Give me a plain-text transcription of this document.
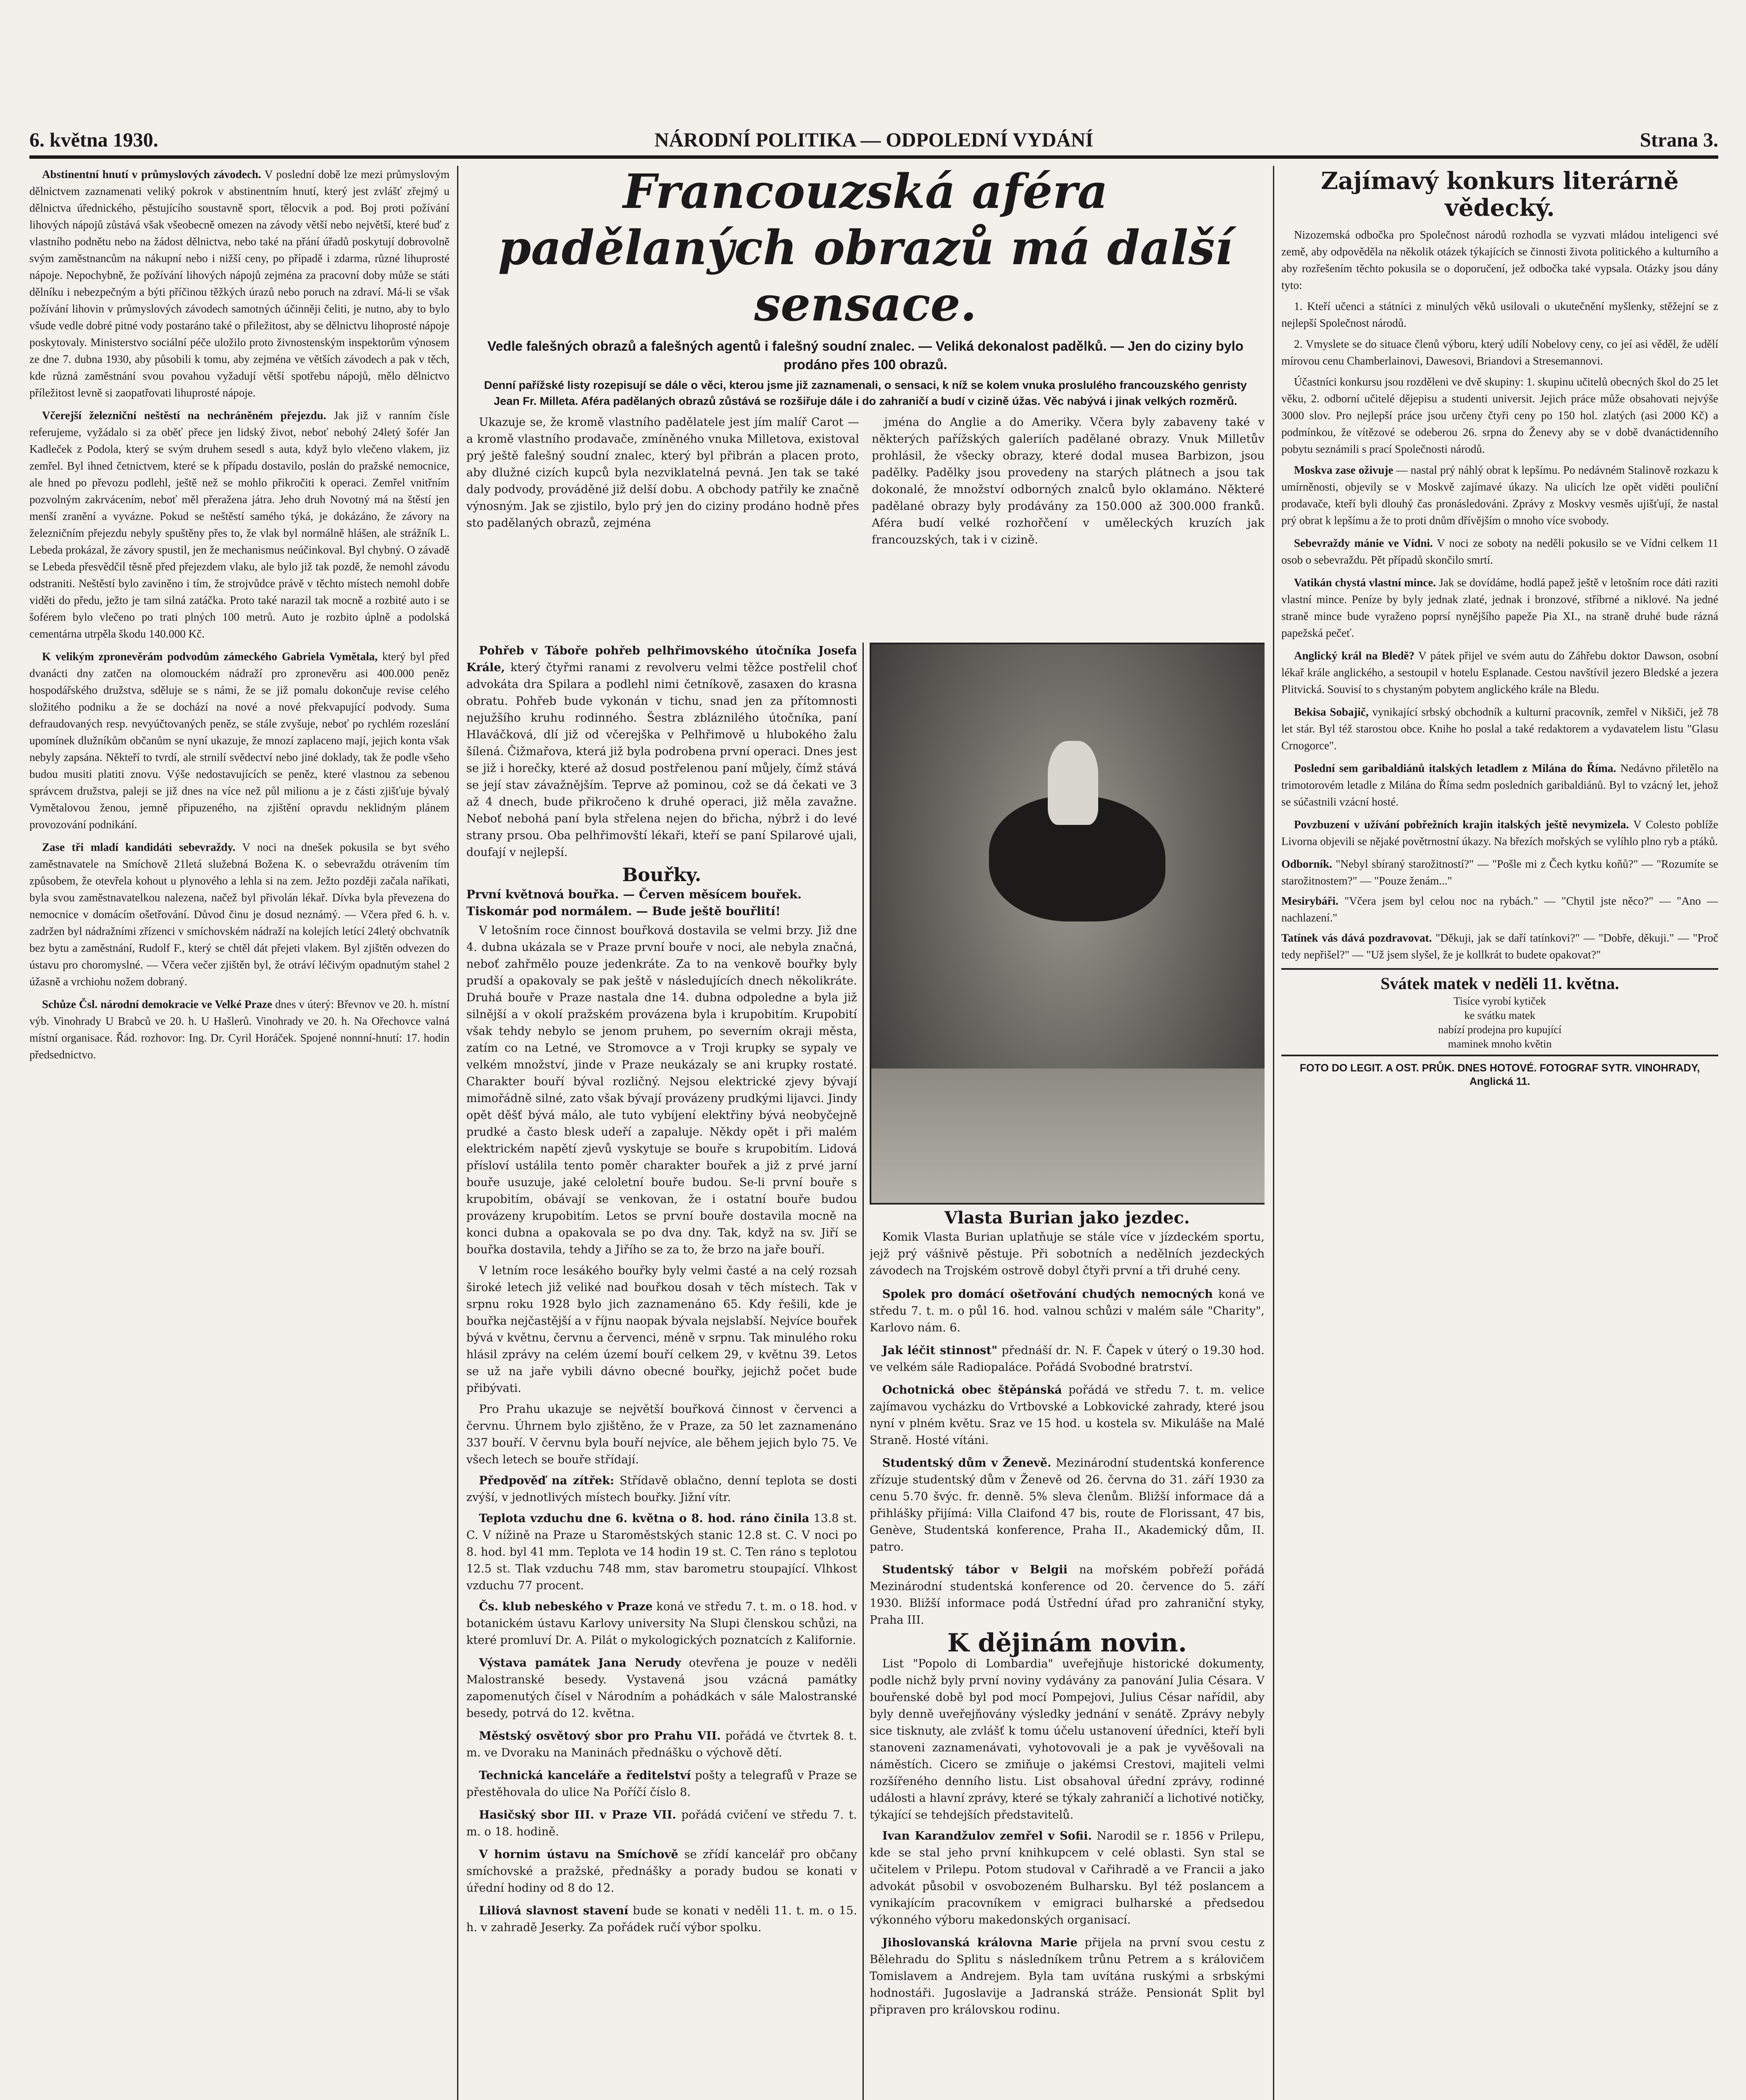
6. května 1930.	NÁRODNÍ POLITIKA — ODPOLEDNÍ VYDÁNÍ	Strana 3.

Abstinentní hnutí v průmyslových závodech. V poslední době lze mezi průmyslovým dělnictvem zaznamenati veliký pokrok v abstinentním hnutí, který jest zvlášť zřejmý u dělnictva úřednického, pěstujícího soustavně sport, tělocvik a pod. Boj proti požívání lihových nápojů zůstává však všeobecně omezen na závody větší nebo největší, které buď z vlastního podnětu nebo na žádost dělnictva, nebo také na přání úřadů poskytují dobrovolně svým zaměstnancům na nákupní nebo i nižší ceny, po případě i zdarma, různé lihuprosté nápoje. Nepochybně, že požívání lihových nápojů zejména za pracovní doby může se státi dělníku i nebezpečným a býti příčinou těžkých úrazů nebo poruch na zdraví. Má-li se však požívání lihovin v průmyslových závodech samotných účinněji čeliti, je nutno, aby to bylo všude vedle dobré pitné vody postaráno také o přiležitost, aby se dělnictvu lihoprosté nápoje poskytovaly. Ministerstvo sociální péče uložilo proto živnostenským inspektorům výnosem ze dne 7. dubna 1930, aby působili k tomu, aby zejména ve větších závodech a pak v těch, kde různá zaměstnání svou povahou vyžadují větší spotřebu nápojů, mělo dělnictvo příležitost levně si zaopatřovati lihuprosté nápoje.

Včerejší železniční neštěstí na nechráněném přejezdu. Jak již v ranním čísle referujeme, vyžádalo si za oběť přece jen lidský život, neboť nebohý 24letý šofér Jan Kadleček z Podola, který se svým druhem sesedl s auta, když bylo vlečeno vlakem, jiz zemřel. Byl ihned četnictvem, které se k případu dostavilo, poslán do pražské nemocnice, ale hned po převozu podlehl, ještě než se mohlo přikročiti k operaci. Zemřel vnitřním pozvolným zakrvácením, neboť měl přeražena játra. Jeho druh Novotný má na štěstí jen menší zranění a vyvázne. Pokud se neštěstí samého týká, je dokázáno, že závory na železničním přejezdu nebyly spuštěny přes to, že vlak byl normálně hlášen, ale strážník L. Lebeda prokázal, že závory spustil, jen že mechanismus neúčinkoval. Byl chybný. O závadě se Lebeda přesvědčil těsně před přejezdem vlaku, ale bylo již tak pozdě, že nemohl závodu odstraniti. Neštěstí bylo zaviněno i tím, že strojvůdce právě v těchto místech nemohl dobře viděti do předu, ježto je tam silná zatáčka. Proto také narazil tak mocně a rozbité auto i se šoférem bylo vlečeno po trati plných 100 metrů. Auto je rozbito úplně a podolská cementárna utrpěla škodu 140.000 Kč.

K velikým zpronevěrám podvodům zámeckého Gabriela Vymětala, který byl před dvanácti dny zatčen na olomouckém nádraží pro zpronevěru asi 400.000 peněz hospodářského družstva, sděluje se s námi, že se již pomalu dokončuje revise celého složitého podniku a že se dochází na nové a nové překvapující podvody. Suma defraudovaných resp. nevyúčtovaných peněz, se stále zvyšuje, neboť po rychlém rozeslání upomínek dlužníkům občanům se nyní ukazuje, že mnozí zaplaceno mají, jejich konta však nebyly zapsána. Někteří to tvrdí, ale strnilí svědectví nebo jiné doklady, tak že podle všeho budou musiti platiti znovu. Výše nedostavujících se peněz, které vlastnou za sebenou správcem družstva, paleji se již dnes na více než půl milionu a je z části zjišťuje bývalý Vymětalovou ženou, jemně připuzeného, na zjištění opravdu neklidným plánem provozování podnikání.

Zase tři mladí kandidáti sebevraždy. V noci na dnešek pokusila se byt svého zaměstnavatele na Smíchově 21letá služebná Božena K. o sebevraždu otrávením tím způsobem, že otevřela kohout u plynového a lehla si na zem. Ježto později začala naříkati, byla svou zaměstnavatelkou nalezena, načež byl přivolán lékař. Dívka byla převezena do nemocnice v domácím ošetřování. Důvod činu je dosud neznámý. — Včera před 6. h. v. zadržen byl nádražními zřízenci v smíchovském nádraží na kolejích letící 24letý obchvatník bez bytu a zaměstnání, Rudolf F., který se chtěl dát přejeti vlakem. Byl zjištěn odvezen do ústavu pro choromyslné. — Včera večer zjištěn byl, že otráví léčivým opadnutým stahel 2 úžasně a vrchiohu nožem dobraný.

Schůze Čsl. národní demokracie ve Velké Praze dnes v úterý: Břevnov ve 20. h. místní výb. Vinohrady U Brabců ve 20. h. U Hašlerů. Vinohrady ve 20. h. Na Ořechovce valná místní organisace. Řád. rozhovor: Ing. Dr. Cyril Horáček. Spojené nonnní-hnutí: 17. hodin předsednictvo.

Francouzská aféra padělaných obrazů má další sensace.
Vedle falešných obrazů a falešných agentů i falešný soudní znalec. — Veliká dekonalost padělků. — Jen do ciziny bylo prodáno přes 100 obrazů.
Denní pařížské listy rozepisují se dále o věci, kterou jsme již zaznamenali, o sensaci, k níž se kolem vnuka proslulého francouzského genristy Jean Fr. Milleta. Aféra padělaných obrazů zůstává se rozšiřuje dále i do zahraničí a budí v cizině úžas. Věc nabývá i jinak velkých rozměrů.

Ukazuje se, že kromě vlastního padělatele jest jím malíř Carot — a kromě vlastního prodavače, zmíněného vnuka Milletova, existoval prý ještě falešný soudní znalec, který byl přibrán a placen proto, aby dlužné cizích kupců byla nezviklatelná pevná. Jen tak se také daly podvody, prováděné již delší dobu. A obchody patřily ke značně výnosným. Jak se zjistilo, bylo prý jen do ciziny prodáno hodně přes sto padělaných obrazů, zejména

jména do Anglie a do Ameriky. Včera byly zabaveny také v některých pařížských galeriích padělané obrazy. Vnuk Milletův prohlásil, že všecky obrazy, které dodal musea Barbizon, jsou padělky. Padělky jsou provedeny na starých plátnech a jsou tak dokonalé, že množství odborných znalců bylo oklamáno. Některé padělané obrazy byly prodávány za 150.000 až 300.000 franků. Aféra budí velké rozhořčení v uměleckých kruzích jak francouzských, tak i v cizině.

Pohřeb v Táboře pohřeb pelhřimovského útočníka Josefa Krále, který čtyřmi ranami z revolveru velmi těžce postřelil choť advokáta dra Spilara a podlehl nimi četníkově, zasaxen do krasna obratu. Pohřeb bude vykonán v tichu, snad jen za přítomnosti nejužšího kruhu rodinného. Šestra zbláznilého útočníka, paní Hlaváčková, dlí již od včerejška v Pelhřimově u hlubokého žalu šílená. Čižmařova, která již byla podrobena první operaci. Dnes jest se již i horečky, které až dosud postřelenou paní můjely, čímž stává se její stav závažnějším. Teprve až pominou, což se dá čekati ve 3 až 4 dnech, bude přikročeno k druhé operaci, již měla zavažne. Neboť nebohá paní byla střelena nejen do břicha, nýbrž i do levé strany prsou. Oba pelhřimovští lékaři, kteří se paní Spilarové ujali, doufají v nejlepší.

Bouřky.
První květnová bouřka. — Červen měsícem bouřek. Tiskomár pod normálem. — Bude ještě bouřlití!

V letošním roce činnost bouřková dostavila se velmi brzy. Již dne 4. dubna ukázala se v Praze první bouře v noci, ale nebyla značná, neboť zahřmělo pouze jedenkráte. Za to na venkově bouřky byly prudší a opakovaly se pak ještě v následujících dnech několikráte. Druhá bouře v Praze nastala dne 14. dubna odpoledne a byla již silnější a v okolí pražském provázena byla i krupobitím. Krupobití však tehdy nebylo se jenom pruhem, po severním okraji města, zatím co na Letné, ve Stromovce a v Troji krupky se sypaly ve velkém množství, jinde v Praze neukázaly se ani krupky rostaté. Charakter bouří býval rozličný. Nejsou elektrické zjevy bývají mimořádně silné, zato však bývají provázeny prudkými lijavci. Jindy opět děšť bývá málo, ale tuto vybíjení elektřiny bývá neobyčejně prudké a často blesk udeří a zapaluje. Někdy opět i při malém elektrickém napětí zjevů vyskytuje se bouře s krupobitím. Lidová přísloví ustálila tento poměr charakter bouřek a již z prvé jarní bouře usuzuje, jaké celoletní bouře budou. Se-li první bouře s krupobitím, obávají se venkovan, že i ostatní bouře budou provázeny krupobitím. Letos se první bouře dostavila mocně na konci dubna a opakovala se po dva dny. Tak, když na sv. Jiří se bouřka dostavila, tehdy a Jiřího se za to, že brzo na jaře bouří.

V letním roce lesákého bouřky byly velmi časté a na celý rozsah široké letech již veliké nad bouřkou dosah v těch místech. Tak v srpnu roku 1928 bylo jich zaznamenáno 65. Kdy řešili, kde je bouřka nejčastější a v říjnu naopak bývala nejslabší. Nejvíce bouřek bývá v květnu, červnu a červenci, méně v srpnu. Tak minulého roku hlásil zprávy na celém území bouří celkem 29, v květnu 39. Letos se už na jaře vybili dávno obecné bouřky, jejichž počet bude přibývati.

Pro Prahu ukazuje se největší bouřková činnost v červenci a červnu. Úhrnem bylo zjištěno, že v Praze, za 50 let zaznamenáno 337 bouří. V červnu byla bouří nejvíce, ale během jejich bylo 75. Ve všech letech se bouře střídají.

Předpověď na zítřek: Střídavě oblačno, denní teplota se dosti zvýší, v jednotlivých místech bouřky. Jižní vítr.

Teplota vzduchu dne 6. května o 8. hod. ráno činila 13.8 st. C. V nížině na Praze u Staroměstských stanic 12.8 st. C. V noci po 8. hod. byl 41 mm. Teplota ve 14 hodin 19 st. C. Ten ráno s teplotou 12.5 st. Tlak vzduchu 748 mm, stav barometru stoupající. Vlhkost vzduchu 77 procent.

Čs. klub nebeského v Praze koná ve středu 7. t. m. o 18. hod. v botanickém ústavu Karlovy university Na Slupi členskou schůzi, na které promluví Dr. A. Pilát o mykologických poznatcích z Kalifornie.

Výstava památek Jana Nerudy otevřena je pouze v neděli Malostranské besedy. Vystavená jsou vzácná památky zapomenutých čísel v Národním a pohádkách v sále Malostranské besedy, potrvá do 12. května.

Městský osvětový sbor pro Prahu VII. pořádá ve čtvrtek 8. t. m. ve Dvoraku na Maninách přednášku o výchově dětí.

Technická kanceláře a ředitelství pošty a telegrafů v Praze se přestěhovala do ulice Na Poříčí číslo 8.

Hasičský sbor III. v Praze VII. pořádá cvičení ve středu 7. t. m. o 18. hodině.

V hornim ústavu na Smíchově se zřídí kancelář pro občany smíchovské a pražské, přednášky a porady budou se konati v úřední hodiny od 8 do 12.

Liliová slavnost stavení bude se konati v neděli 11. t. m. o 15. h. v zahradě Jeserky. Za pořádek ručí výbor spolku.

Vlasta Burian jako jezdec.

Komik Vlasta Burian uplatňuje se stále více v jízdeckém sportu, jejž prý vášnivě pěstuje. Při sobotních a nedělních jezdeckých závodech na Trojském ostrově dobyl čtyři první a tři druhé ceny.

Spolek pro domácí ošetřování chudých nemocných koná ve středu 7. t. m. o půl 16. hod. valnou schůzi v malém sále "Charity", Karlovo nám. 6.

Jak léčit stinnost" přednáší dr. N. F. Čapek v úterý o 19.30 hod. ve velkém sále Radiopaláce. Pořádá Svobodné bratrství.

Ochotnická obec štěpánská pořádá ve středu 7. t. m. velice zajímavou vycházku do Vrtbovské a Lobkovické zahrady, které jsou nyní v plném květu. Sraz ve 15 hod. u kostela sv. Mikuláše na Malé Straně. Hosté vítáni.

Studentský dům v Ženevě. Mezinárodní studentská konference zřízuje studentský dům v Ženevě od 26. června do 31. září 1930 za cenu 5.70 švýc. fr. denně. 5% sleva členům. Bližší informace dá a přihlášky přijímá: Villa Claifond 47 bis, route de Florissant, 47 bis, Genève, Studentská konference, Praha II., Akademický dům, II. patro.

Studentský tábor v Belgii na mořském pobřeží pořádá Mezinárodní studentská konference od 20. července do 5. září 1930. Bližší informace podá Ústřední úřad pro zahraniční styky, Praha III.

K dějinám novin.

List "Popolo di Lombardia" uveřejňuje historické dokumenty, podle nichž byly první noviny vydávány za panování Julia Césara. V bouřenské době byl pod mocí Pompejovi, Julius César nařídil, aby byly denně uveřejňovány výsledky jednání v senátě. Zprávy nebyly sice tisknuty, ale zvlášť k tomu účelu ustanovení úředníci, kteří byli stanoveni zaznamenávati, vyhotovovali je a pak je vyvěšovali na náměstích. Cicero se zmiňuje o jakémsi Crestovi, majiteli velmi rozšířeného denního listu. List obsahoval úřední zprávy, rodinné události a hlavní zprávy, které se týkaly zahraničí a lichotivé notičky, týkající se tehdejších představitelů.

Ivan Karandžulov zemřel v Sofii. Narodil se r. 1856 v Prilepu, kde se stal jeho první knihkupcem v celé oblasti. Syn stal se učitelem v Prilepu. Potom studoval v Cařihradě a ve Francii a jako advokát působil v osvobozeném Bulharsku. Byl též poslancem a vynikajícím pracovníkem v emigraci bulharské a předsedou výkonného výboru makedonských organisací.

Jihoslovanská královna Marie přijela na první svou cestu z Bělehradu do Splitu s následníkem trůnu Petrem a s královičem Tomislavem a Andrejem. Byla tam uvítána ruskými a srbskými hodnostáři. Jugoslavije a Jadranská stráže. Pensionát Split byl připraven pro královskou rodinu.

Zajímavý konkurs literárně vědecký.

Nizozemská odbočka pro Společnost národů rozhodla se vyzvati mládou inteligenci své země, aby odpověděla na několik otázek týkajících se činnosti života politického a kulturního a aby rozřešením těchto pokusila se o doporučení, jež odbočka také vypsala. Otázky jsou dány tyto:

1. Kteří učenci a státníci z minulých věků usilovali o ukutečnění myšlenky, stěžejní se z nejlepší Společnost národů.

2. Vmyslete se do situace členů výboru, který udílí Nobelovy ceny, co jeí asi věděl, že udělí mírovou cenu Chamberlainovi, Dawesovi, Briandovi a Stresemannovi.

Účastníci konkursu jsou rozděleni ve dvě skupiny: 1. skupinu učitelů obecných škol do 25 let věku, 2. odborní učitelé dějepisu a studenti universit. Jejich práce může obsahovati nejvýše 3000 slov. Pro nejlepší práce jsou určeny čtyři ceny po 150 hol. zlatých (asi 2000 Kč) a podmínkou, že vítězové se odeberou 26. srpna do Ženevy aby se v době dvanáctidenního pobytu seznámili s prací Společnosti národů.

Moskva zase oživuje — nastal prý náhlý obrat k lepšímu. Po nedávném Stalinově rozkazu k umírněnosti, objevily se v Moskvě zajímavé úkazy. Na ulicích lze opět viděti pouliční prodavače, kteří byli dlouhý čas pronásledováni. Zprávy z Moskvy vesměs ujišťují, že nastal prý obrat k lepšímu a že to proti dnům dřívějším o mnoho více svobody.

Sebevraždy mánie ve Vídni. V noci ze soboty na neděli pokusilo se ve Vídni celkem 11 osob o sebevraždu. Pět případů skončilo smrtí.

Vatikán chystá vlastní mince. Jak se dovídáme, hodlá papež ještě v letošním roce dáti raziti vlastní mince. Peníze by byly jednak zlaté, jednak i bronzové, stříbrné a niklové. Na jedné straně mince bude vyraženo poprsí nynějšího papeže Pia XI., na straně druhé bude rázná papežská pečeť.

Anglický král na Bledě? V pátek přijel ve svém autu do Záhřebu doktor Dawson, osobní lékař krále anglického, a sestoupil v hotelu Esplanade. Cestou navštívil jezero Bledské a jezera Plitvická. Souvisí to s chystaným pobytem anglického krále na Bledu.

Bekisa Sobajič, vynikající srbský obchodník a kulturní pracovník, zemřel v Nikšiči, jež 78 let stár. Byl též starostou obce. Knihe ho poslal a také redaktorem a vydavatelem listu "Glasu Crnogorce".

Poslední sem garibaldiánů italských letadlem z Milána do Říma. Nedávno přiletělo na trimotorovém letadle z Milána do Říma sedm posledních garibaldiánů. Byl to vzácný let, jehož se súčastnili vzácní hosté.

Povzbuzení v užívání pobřežních krajin italských ještě nevymizela. V Colesto poblíže Livorna objevili se nějaké povětrnostní úkazy. Na březích mořských se vylíhlo plno ryb a ptáků.

Odborník. "Nebyl sbíraný starožitností?" — "Pošle mi z Čech kytku koňů?" — "Rozumíte se starožitnostem?" — "Pouze ženám..."
Mesirybáři. "Včera jsem byl celou noc na rybách." — "Chytil jste něco?" — "Ano — nachlazení."
Tatínek vás dává pozdravovat. "Děkuji, jak se daří tatínkovi?" — "Dobře, děkuji." — "Proč tedy nepřišel?" — "Už jsem slyšel, že je kollkrát to budete opakovat?"
Svátek matek v neděli 11. května.
Tisíce vyrobí kytiček
ke svátku matek
nabízí prodejna pro kupující
maminek mnoho květin
FOTO DO LEGIT. A OST. PRŮK. DNES HOTOVÉ. FOTOGRAF SYTR. VINOHRADY, Anglická 11.
